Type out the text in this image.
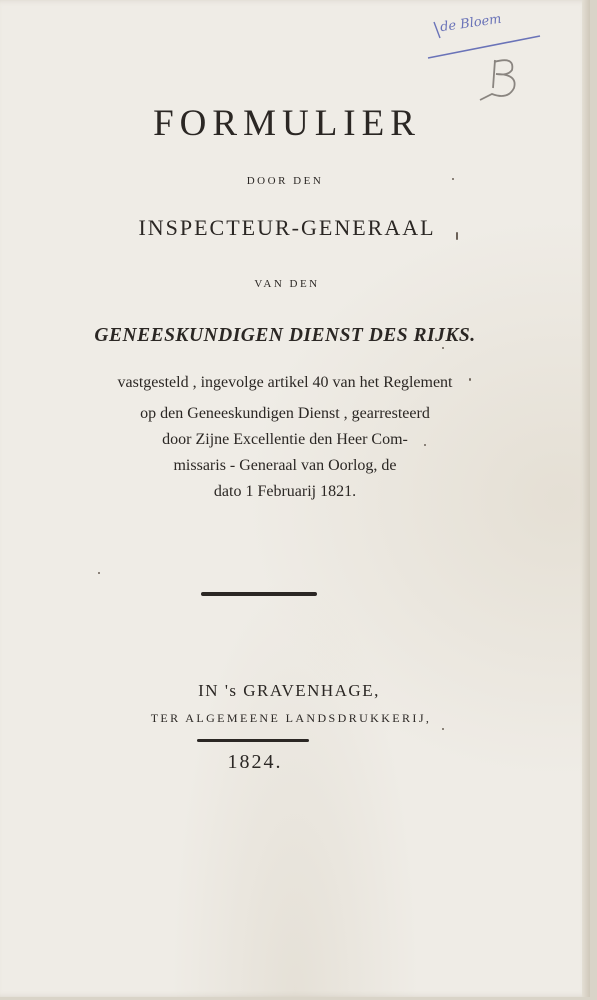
de Bloem
FORMULIER
DOOR DEN
INSPECTEUR-GENERAAL
VAN DEN
GENEESKUNDIGEN DIENST DES RIJKS.
vastgesteld , ingevolge artikel 40 van het Reglement
op den Geneeskundigen Dienst , gearresteerd
door Zijne Excellentie den Heer Com-
missaris - Generaal van Oorlog, de
dato 1 Februarij 1821.
IN 's GRAVENHAGE,
TER ALGEMEENE LANDSDRUKKERIJ,
1824.
